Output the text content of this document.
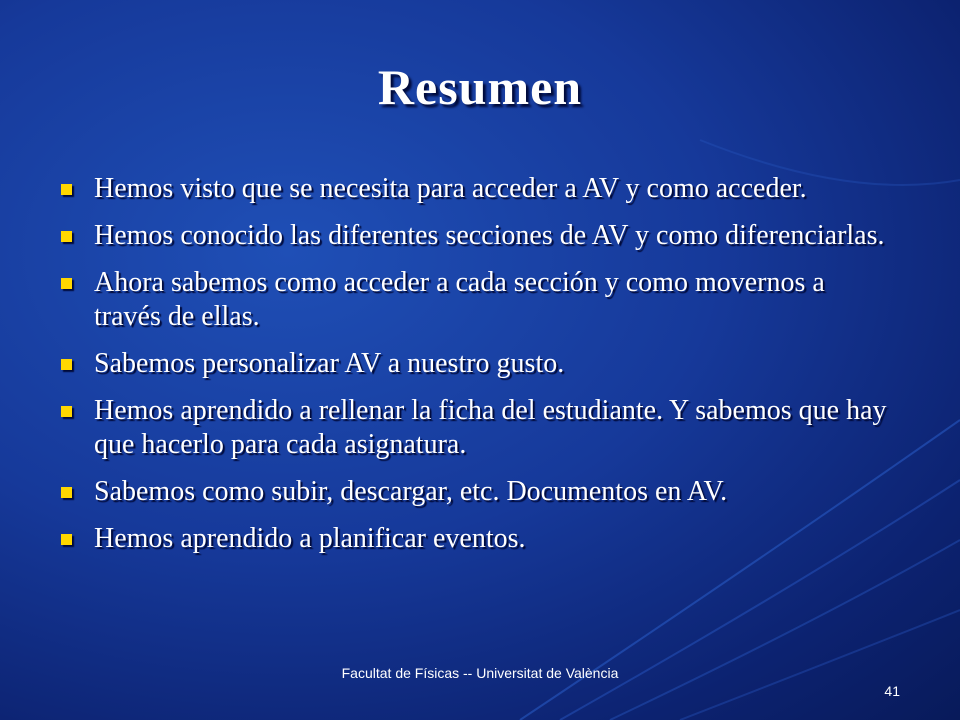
Resumen
Hemos visto que se necesita para acceder a AV y como acceder.
Hemos conocido las diferentes secciones de AV y como diferenciarlas.
Ahora sabemos como acceder a cada sección y como movernos a través de ellas.
Sabemos personalizar AV a nuestro gusto.
Hemos aprendido a rellenar la ficha del estudiante. Y sabemos que hay que hacerlo para cada asignatura.
Sabemos como subir, descargar, etc. Documentos en AV.
Hemos aprendido a planificar eventos.
Facultat de Físicas -- Universitat de València
41
